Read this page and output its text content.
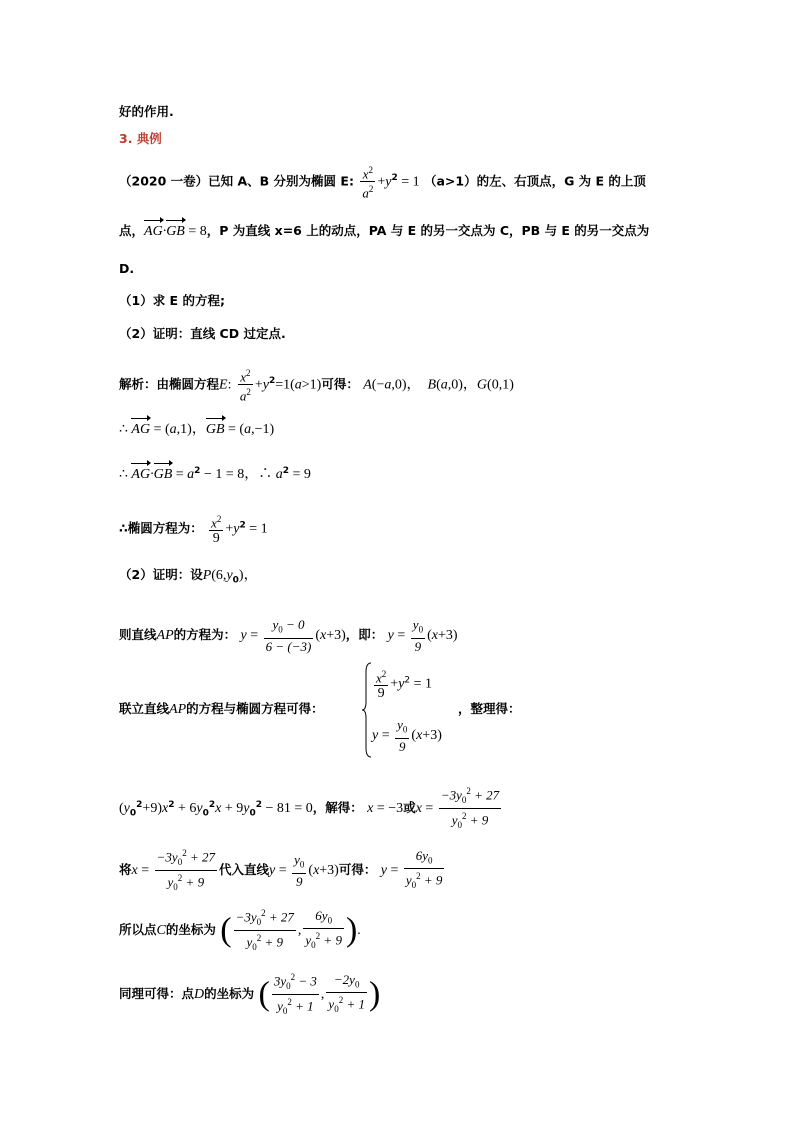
好的作用.
3. 典例
（2020 一卷）已知 A、B 分别为椭圆 E: $\frac{x^2}{a^2} +y^2 = 1$ （a>1）的左、右顶点，G 为 E 的上顶
点，AG·GB = 8，P 为直线 x=6 上的动点，PA 与 E 的另一交点为 C，PB 与 E 的另一交点为
D.
（1）求 E 的方程;
（2）证明：直线 CD 过定点.
解析：由椭圆方程E: $\frac{x^2}{a^2} +y^2=1(a>1)$可得： A(−a,0)，  B(a,0)，G(0,1)
∴ AG = (a,1)，GB = (a,−1)
∴ $AG\cdot GB = a^2 - 1 = 8$，∴ $a^2 = 9$
∴椭圆方程为： $\frac{x^2}{9} +y^2 = 1$
（2）证明：设$P(6,y_0)$，
则直线AP的方程为： $y = \frac{y_0 - 0}{6 - (-3)} (x+3)$，即： $y = \frac{y_0}{9} (x+3)$
联立直线AP的方程与椭圆方程可得：
$\frac{x^2}{9} +y^2 = 1$
$y = \frac{y_0}{9} (x+3)$
，整理得：
$(y_0^2+9)x^2 + 6y_0^2x + 9y_0^2 - 81 = 0$，解得： x = −3或$x = \frac{-3y_0^2 + 27}{y_0^2 + 9}$
将$x = \frac{-3y_0^2 + 27}{y_0^2 + 9}$ 代入直线$y = \frac{y_0}{9} (x+3)$可得： $y = \frac{6y_0}{y_0^2 + 9}$
所以点C的坐标为 ( $\frac{-3y_0^2 + 27}{y_0^2 + 9}$ , $\frac{6y_0}{y_0^2 + 9}$ ).
同理可得：点D的坐标为 ( $\frac{3y_0^2 - 3}{y_0^2 + 1}$ , $\frac{-2y_0}{y_0^2 + 1}$ )
